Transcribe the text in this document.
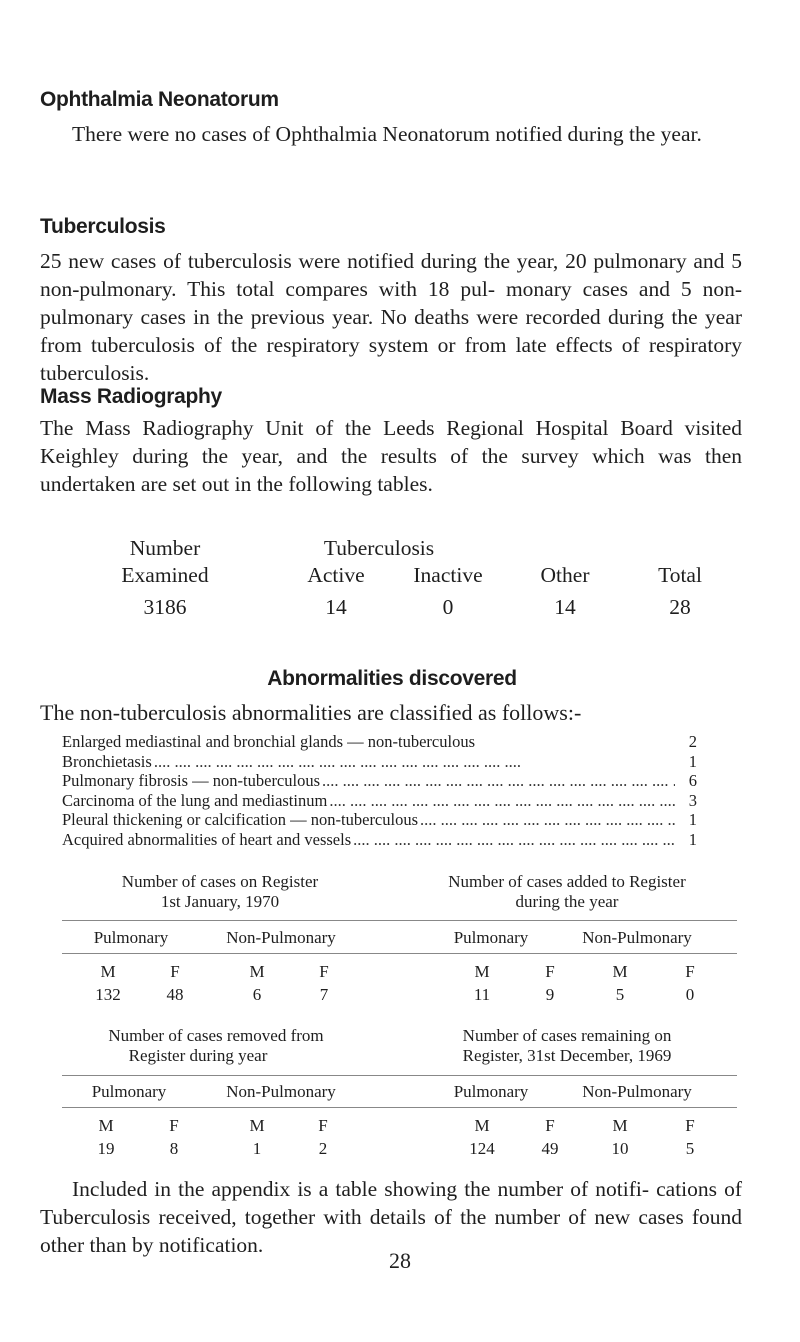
Ophthalmia Neonatorum
There were no cases of Ophthalmia Neonatorum notified during the year.
Tuberculosis
25 new cases of tuberculosis were notified during the year, 20 pulmonary and 5 non-pulmonary. This total compares with 18 pul- monary cases and 5 non-pulmonary cases in the previous year. No deaths were recorded during the year from tuberculosis of the respiratory system or from late effects of respiratory tuberculosis.
Mass Radiography
The Mass Radiography Unit of the Leeds Regional Hospital Board visited Keighley during the year, and the results of the survey which was then undertaken are set out in the following tables.
Number
Examined
Tuberculosis
Active Inactive	Other	Total
3186	14	0	14	28
Abnormalities discovered
The non-tuberculosis abnormalities are classified as follows:-
Enlarged mediastinal and bronchial glands — non-tuberculous	2
Bronchietasis ....	1
Pulmonary fibrosis — non-tuberculous ....	6
Carcinoma of the lung and mediastinum ....	3
Pleural thickening or calcification — non-tuberculous ....	1
Acquired abnormalities of heart and vessels ....	1
Number of cases on Register
1st January, 1970
Number of cases added to Register
during the year
Pulmonary	Non-Pulmonary	Pulmonary	Non-Pulmonary
M	F	M	F	M	F	M	F
132	48	6	7	11	9	5	0
Number of cases removed from
Register during year
Number of cases remaining on
Register, 31st December, 1969
Pulmonary	Non-Pulmonary	Pulmonary	Non-Pulmonary
M	F	M	F	M	F	M	F
19	8	1	2	124	49	10	5
Included in the appendix is a table showing the number of notifi- cations of Tuberculosis received, together with details of the number of new cases found other than by notification.
28
